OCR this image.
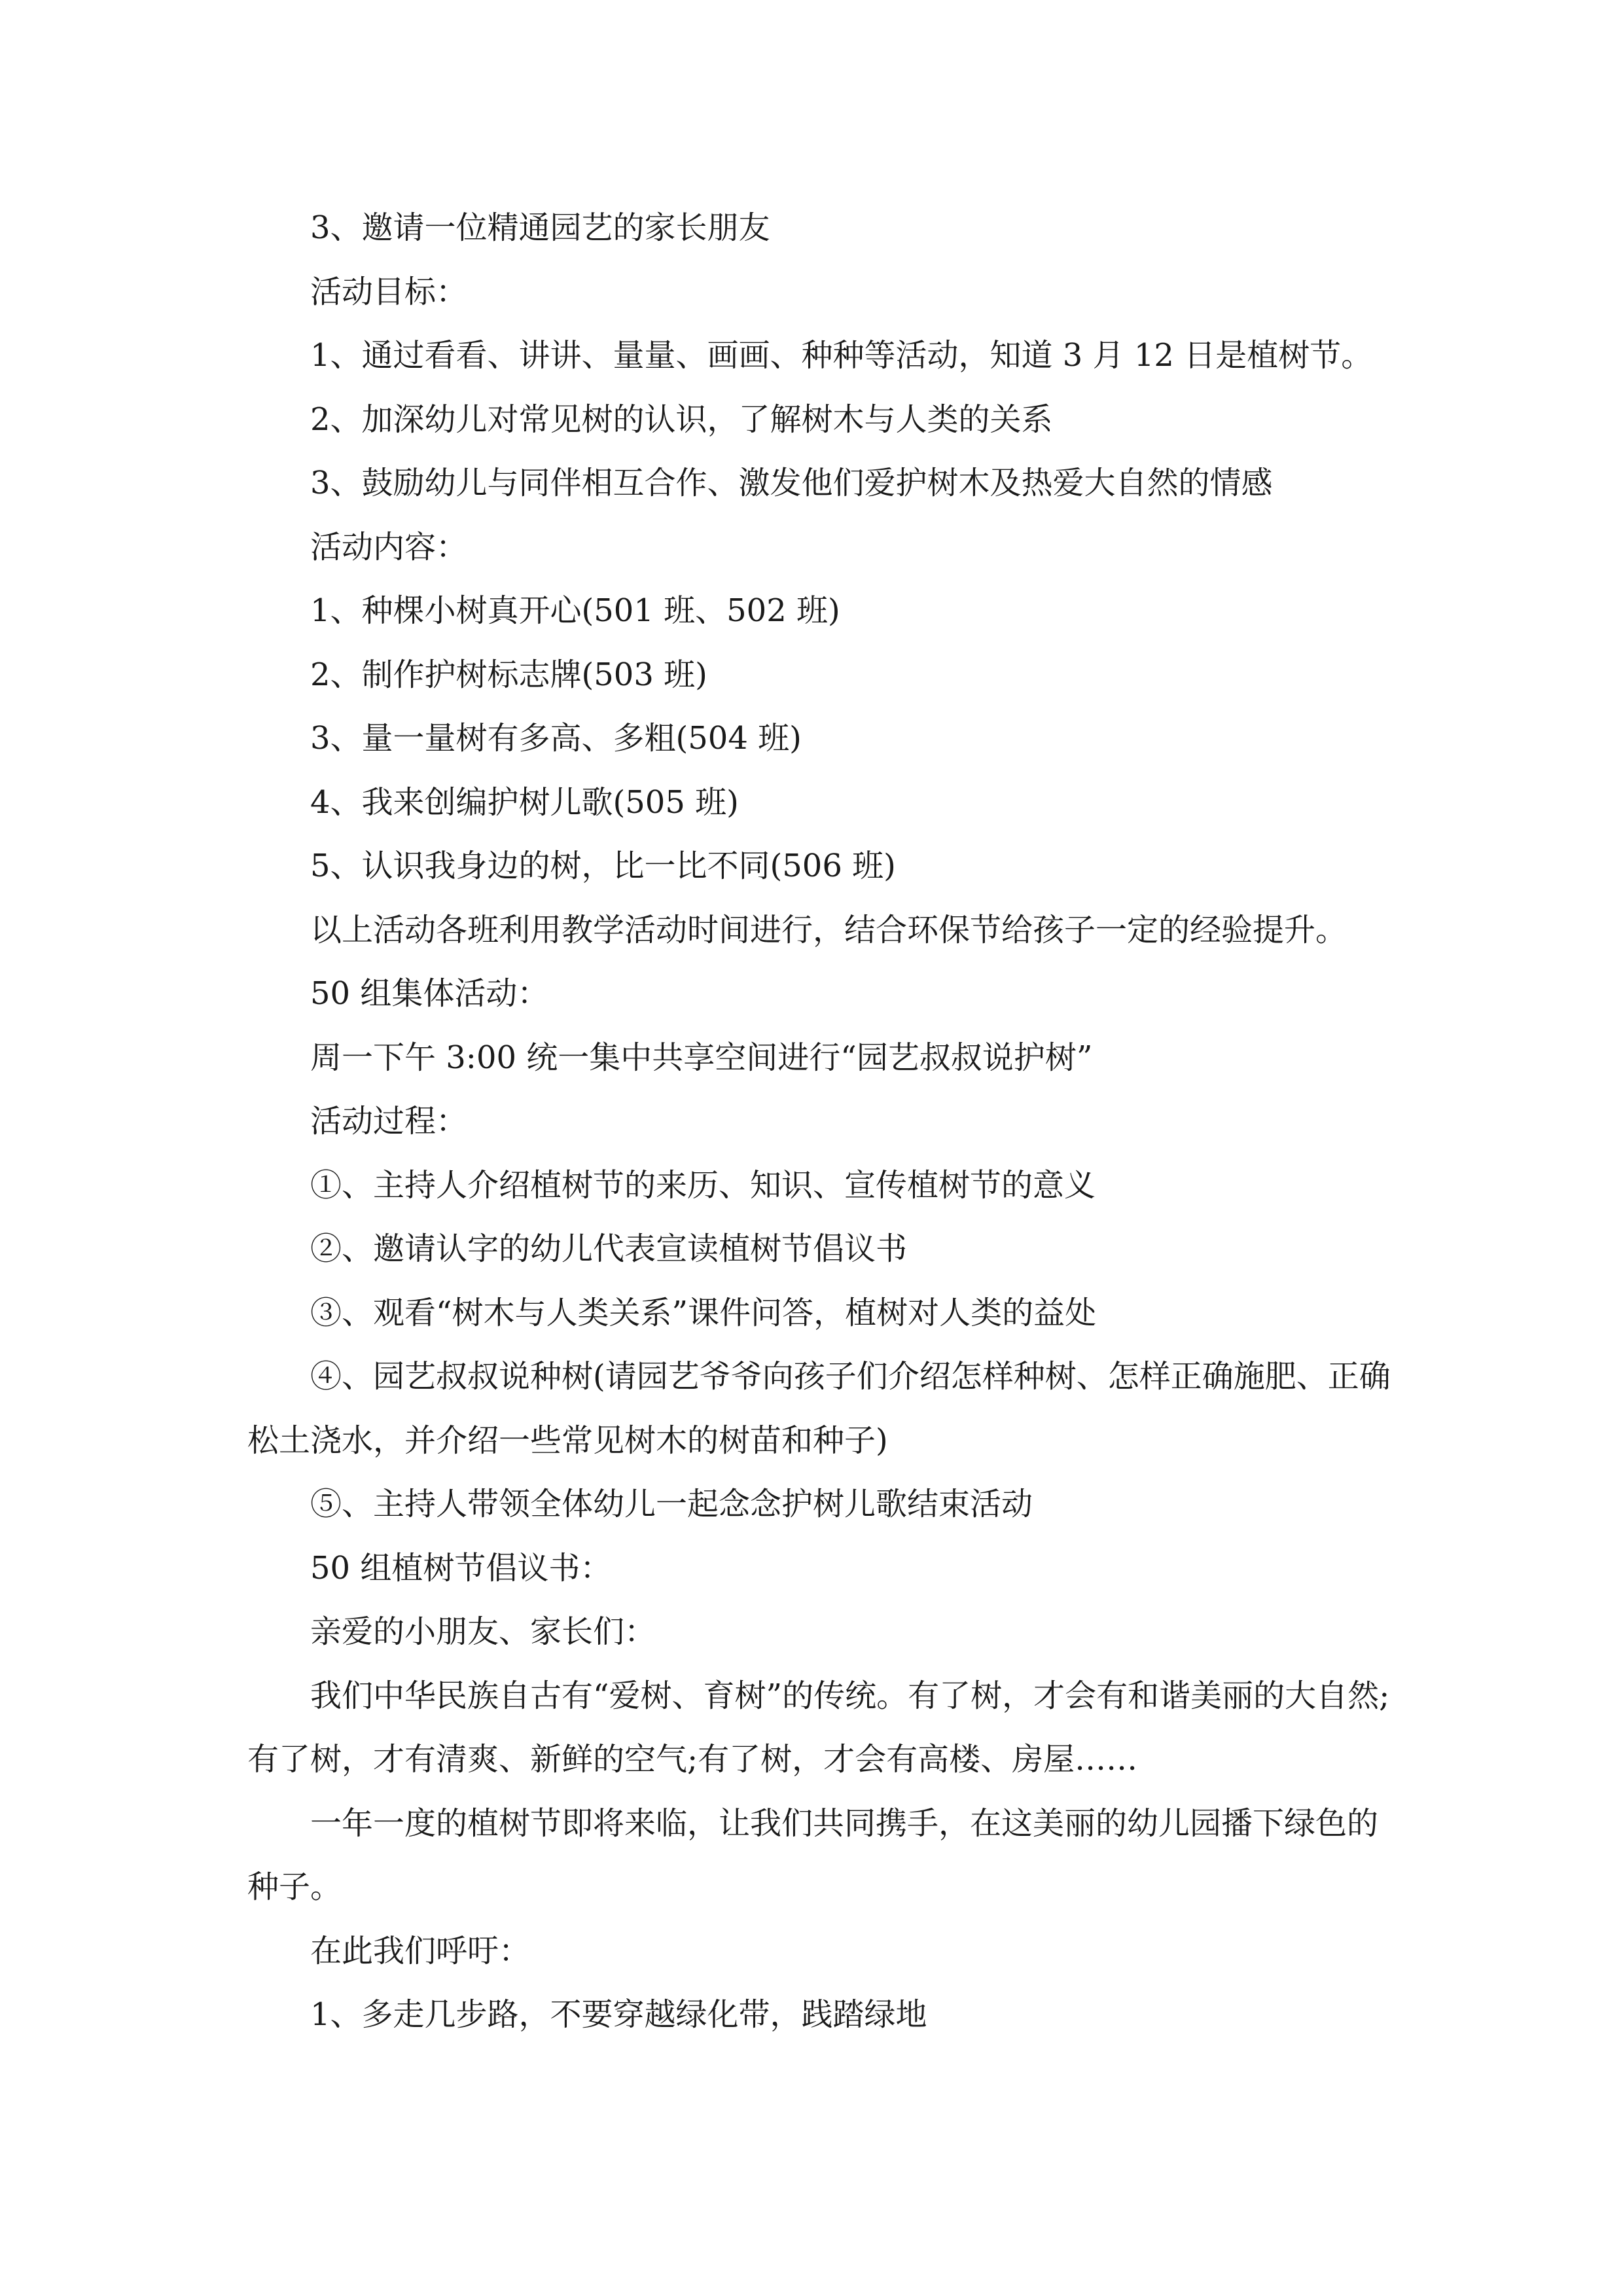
3、邀请一位精通园艺的家长朋友

活动目标：

1、通过看看、讲讲、量量、画画、种种等活动，知道 3 月 12 日是植树节。

2、加深幼儿对常见树的认识，了解树木与人类的关系

3、鼓励幼儿与同伴相互合作、激发他们爱护树木及热爱大自然的情感

活动内容：

1、种棵小树真开心(501 班、502 班)

2、制作护树标志牌(503 班)

3、量一量树有多高、多粗(504 班)

4、我来创编护树儿歌(505 班)

5、认识我身边的树，比一比不同(506 班)

以上活动各班利用教学活动时间进行，结合环保节给孩子一定的经验提升。

50 组集体活动：

周一下午 3:00 统一集中共享空间进行“园艺叔叔说护树”

活动过程：

①、主持人介绍植树节的来历、知识、宣传植树节的意义

②、邀请认字的幼儿代表宣读植树节倡议书

③、观看“树木与人类关系”课件问答，植树对人类的益处

④、园艺叔叔说种树(请园艺爷爷向孩子们介绍怎样种树、怎样正确施肥、正确松土浇水，并介绍一些常见树木的树苗和种子)

⑤、主持人带领全体幼儿一起念念护树儿歌结束活动

50 组植树节倡议书：

亲爱的小朋友、家长们：

我们中华民族自古有“爱树、育树”的传统。有了树，才会有和谐美丽的大自然;有了树，才有清爽、新鲜的空气;有了树，才会有高楼、房屋……

一年一度的植树节即将来临，让我们共同携手，在这美丽的幼儿园播下绿色的种子。

在此我们呼吁：

1、多走几步路，不要穿越绿化带，践踏绿地
